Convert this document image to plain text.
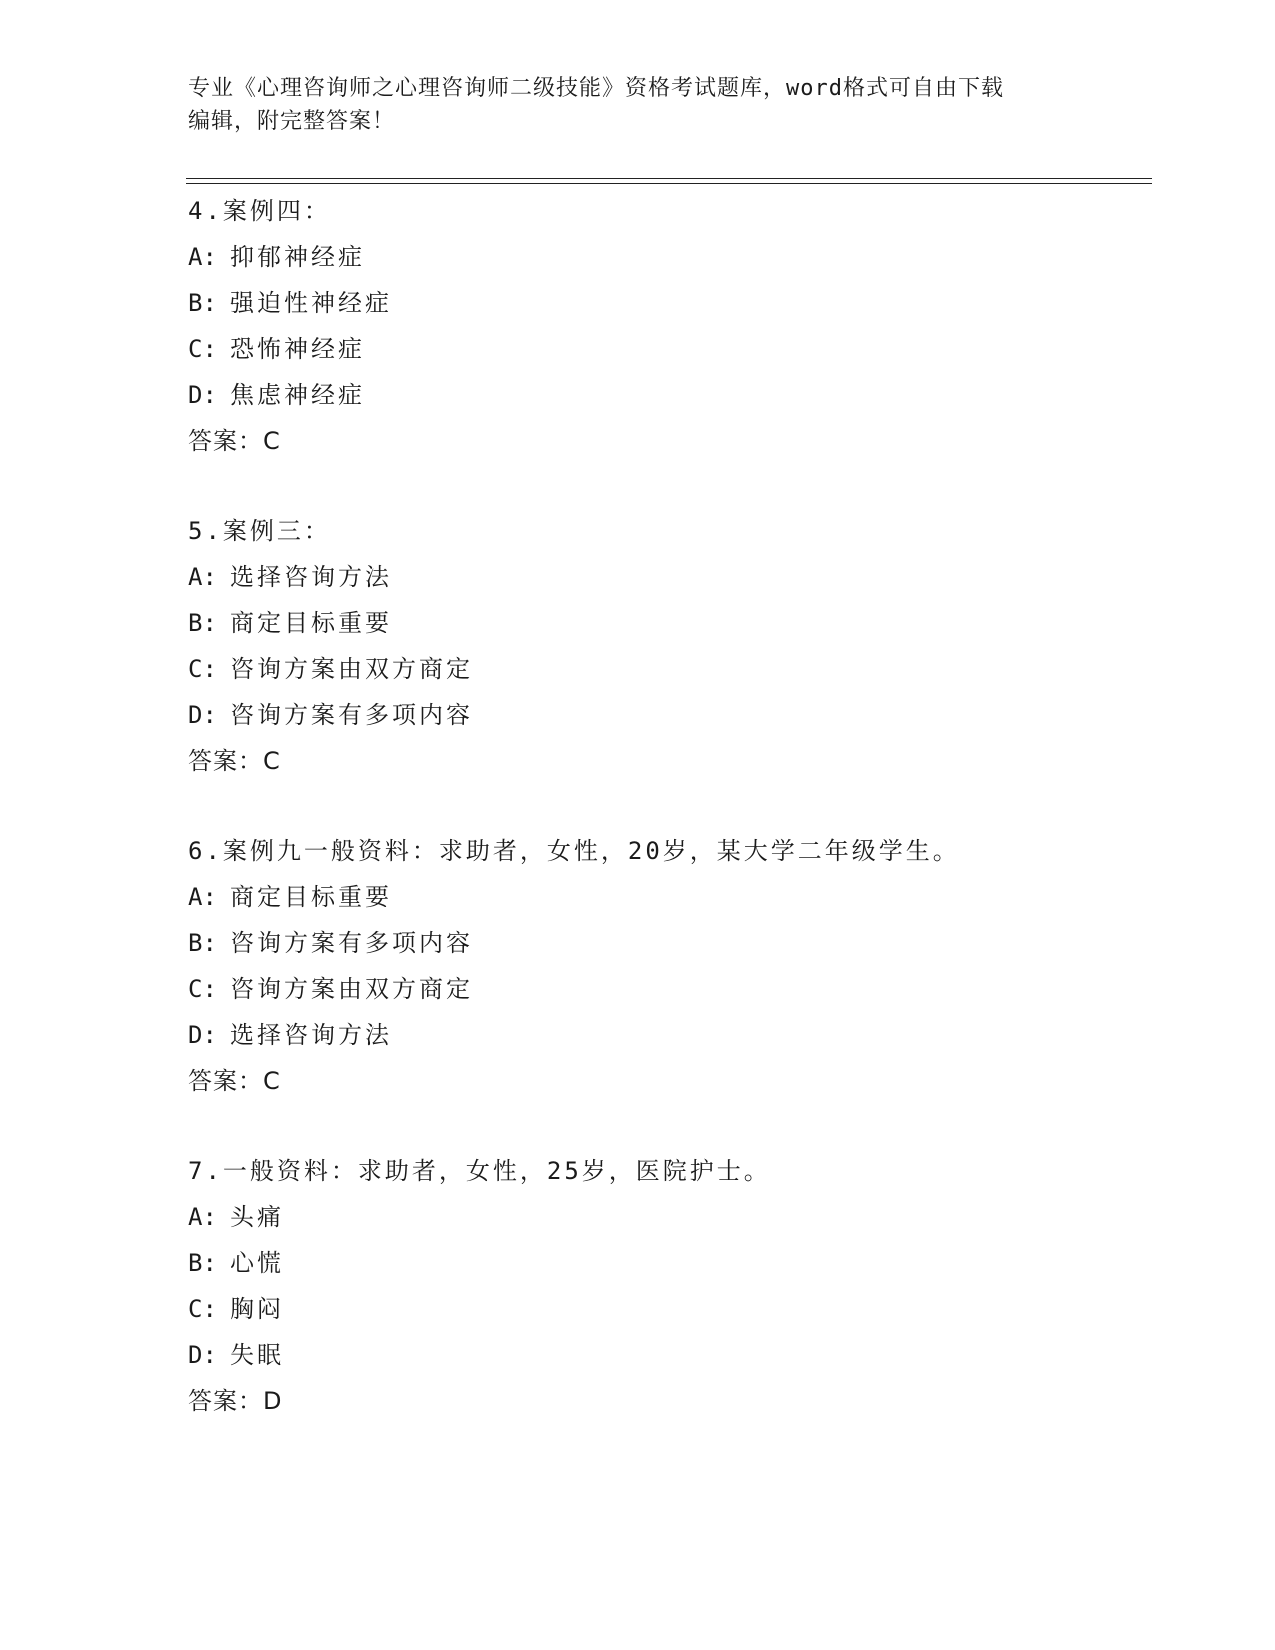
专业《心理咨询师之心理咨询师二级技能》资格考试题库，word格式可自由下载
编辑，附完整答案！
4.案例四：
A: 抑郁神经症
B: 强迫性神经症
C: 恐怖神经症
D: 焦虑神经症
答案：C
5.案例三：
A: 选择咨询方法
B: 商定目标重要
C: 咨询方案由双方商定
D: 咨询方案有多项内容
答案：C
6.案例九一般资料：求助者，女性，20岁，某大学二年级学生。
A: 商定目标重要
B: 咨询方案有多项内容
C: 咨询方案由双方商定
D: 选择咨询方法
答案：C
7.一般资料：求助者，女性，25岁，医院护士。
A: 头痛
B: 心慌
C: 胸闷
D: 失眠
答案：D
